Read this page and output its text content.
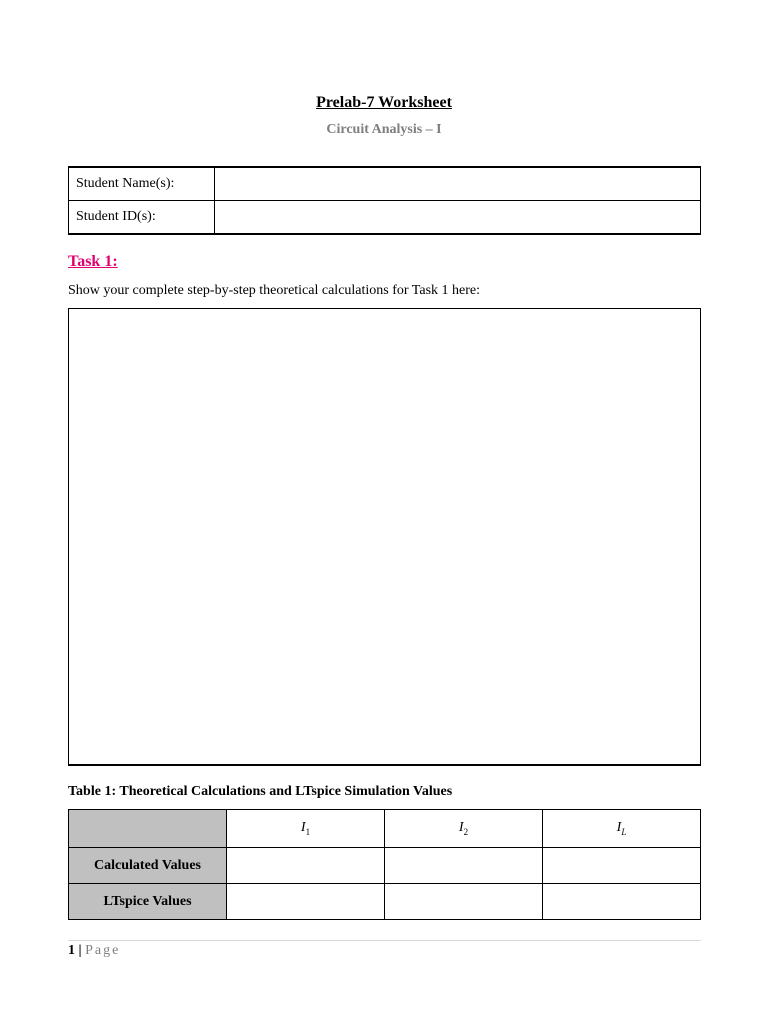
Prelab-7 Worksheet
Circuit Analysis – I
Student Name(s):	
Student ID(s):	
Task 1:
Show your complete step-by-step theoretical calculations for Task 1 here:
Table 1: Theoretical Calculations and LTspice Simulation Values
	$I_1$	$I_2$	$I_L$
Calculated Values			
LTspice Values			
1 | Page
